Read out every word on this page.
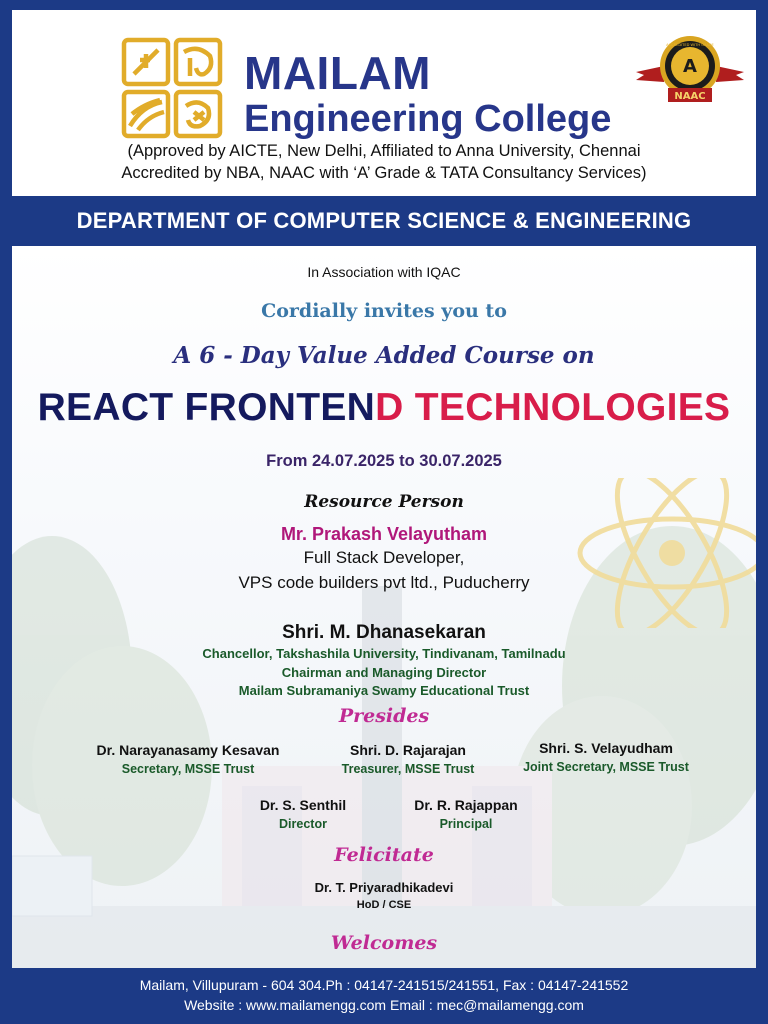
MAILAM
Engineering College
(Approved by AICTE, New Delhi, Affiliated to Anna University, Chennai
Accredited by NBA, NAAC with ‘A’ Grade & TATA Consultancy Services)
A
NAAC
ACCREDITED WITH GRADE
DEPARTMENT OF COMPUTER SCIENCE & ENGINEERING
In Association with IQAC
Cordially invites you to
A 6 - Day Value Added Course on
REACT FRONTEND TECHNOLOGIES
From 24.07.2025 to 30.07.2025
Resource Person
Mr. Prakash Velayutham
Full Stack Developer,
VPS code builders pvt ltd., Puducherry
Shri. M. Dhanasekaran
Chancellor, Takshashila University, Tindivanam, Tamilnadu
Chairman and Managing Director
Mailam Subramaniya Swamy Educational Trust
Presides
Dr. Narayanasamy Kesavan
Secretary, MSSE Trust
Shri. D. Rajarajan
Treasurer, MSSE Trust
Shri. S. Velayudham
Joint Secretary, MSSE Trust
Dr. S. Senthil
Director
Dr. R. Rajappan
Principal
Felicitate
Dr. T. Priyaradhikadevi
HoD / CSE
Welcomes
Mailam, Villupuram - 604 304.Ph : 04147-241515/241551, Fax : 04147-241552
Website : www.mailamengg.com Email : mec@mailamengg.com
